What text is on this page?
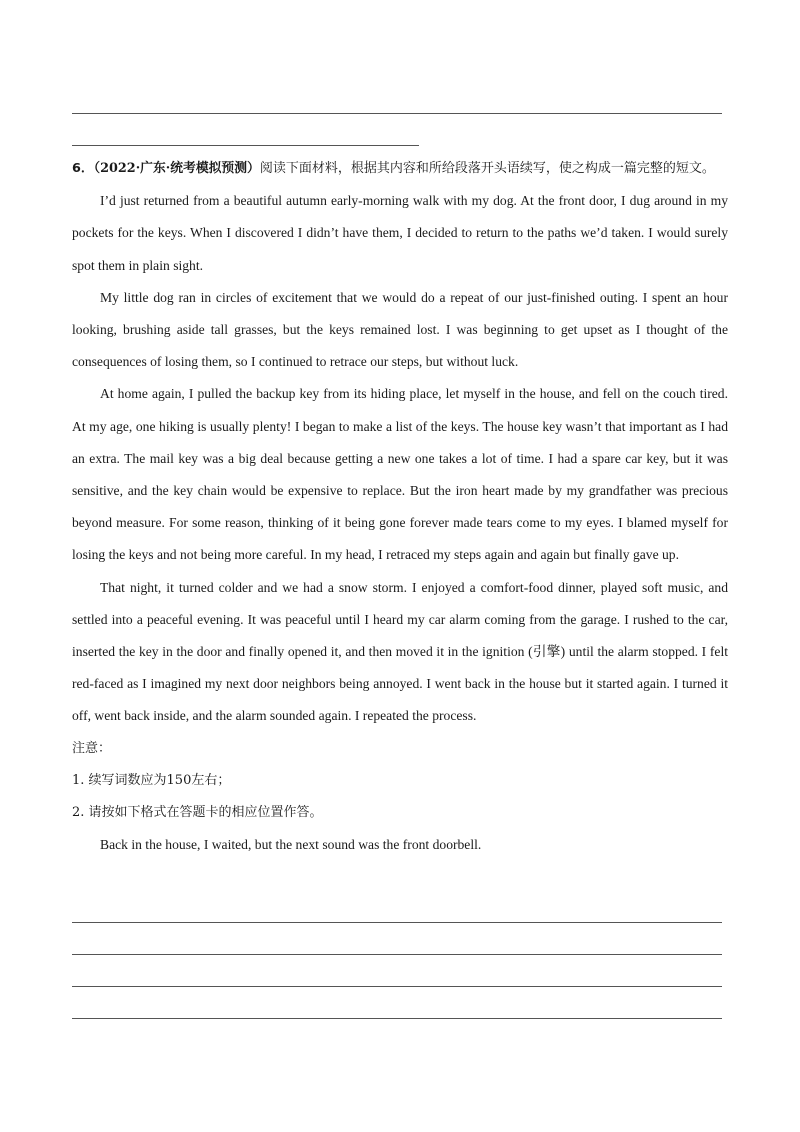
6．（2022·广东·统考模拟预测）阅读下面材料，根据其内容和所给段落开头语续写，使之构成一篇完整的短文。

I’d just returned from a beautiful autumn early-morning walk with my dog. At the front door, I dug around in my pockets for the keys. When I discovered I didn’t have them, I decided to return to the paths we’d taken. I would surely spot them in plain sight.

My little dog ran in circles of excitement that we would do a repeat of our just-finished outing. I spent an hour looking, brushing aside tall grasses, but the keys remained lost. I was beginning to get upset as I thought of the consequences of losing them, so I continued to retrace our steps, but without luck.

At home again, I pulled the backup key from its hiding place, let myself in the house, and fell on the couch tired. At my age, one hiking is usually plenty! I began to make a list of the keys. The house key wasn’t that important as I had an extra. The mail key was a big deal because getting a new one takes a lot of time. I had a spare car key, but it was sensitive, and the key chain would be expensive to replace. But the iron heart made by my grandfather was precious beyond measure. For some reason, thinking of it being gone forever made tears come to my eyes. I blamed myself for losing the keys and not being more careful. In my head, I retraced my steps again and again but finally gave up.

That night, it turned colder and we had a snow storm. I enjoyed a comfort-food dinner, played soft music, and settled into a peaceful evening. It was peaceful until I heard my car alarm coming from the garage. I rushed to the car, inserted the key in the door and finally opened it, and then moved it in the ignition (引擎) until the alarm stopped. I felt red-faced as I imagined my next door neighbors being annoyed. I went back in the house but it started again. I turned it off, went back inside, and the alarm sounded again. I repeated the process.

注意：

1. 续写词数应为150左右；

2. 请按如下格式在答题卡的相应位置作答。

Back in the house, I waited, but the next sound was the front doorbell.
